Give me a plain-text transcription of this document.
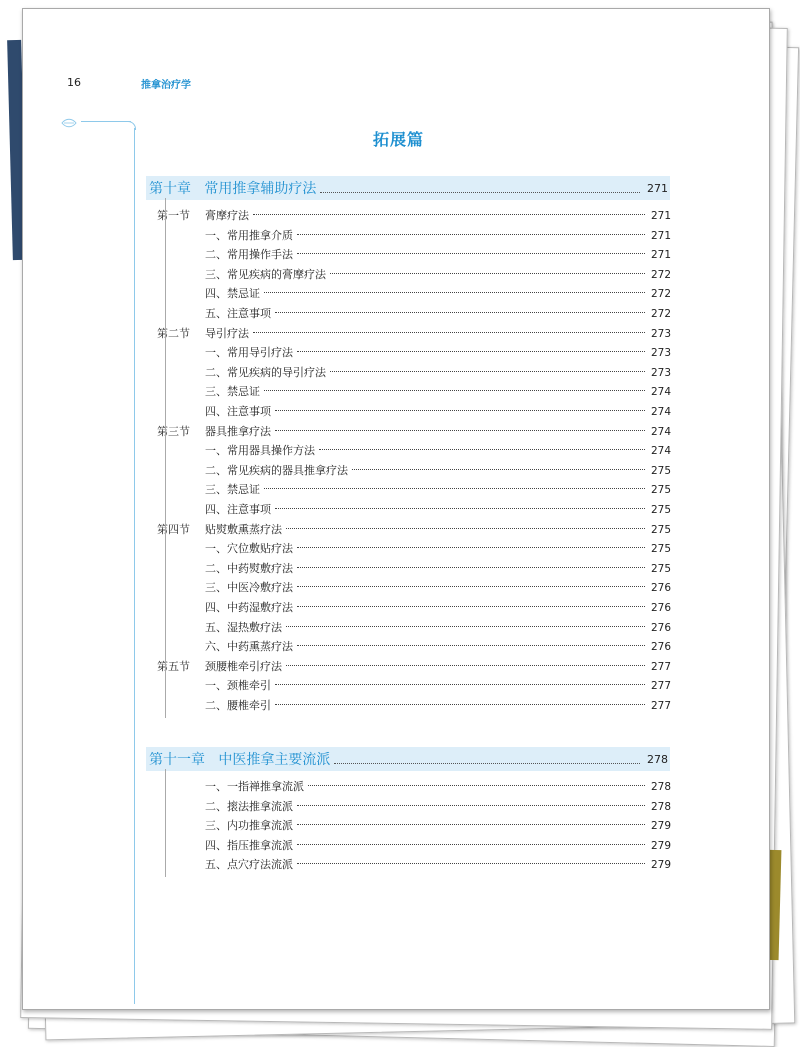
16	推拿治疗学
拓展篇
第十章 常用推拿辅助疗法	271
第一节	膏摩疗法	271
一、常用推拿介质	271
二、常用操作手法	271
三、常见疾病的膏摩疗法	272
四、禁忌证	272
五、注意事项	272
第二节	导引疗法	273
一、常用导引疗法	273
二、常见疾病的导引疗法	273
三、禁忌证	274
四、注意事项	274
第三节	器具推拿疗法	274
一、常用器具操作方法	274
二、常见疾病的器具推拿疗法	275
三、禁忌证	275
四、注意事项	275
第四节	贴熨敷熏蒸疗法	275
一、穴位敷贴疗法	275
二、中药熨敷疗法	275
三、中医冷敷疗法	276
四、中药湿敷疗法	276
五、湿热敷疗法	276
六、中药熏蒸疗法	276
第五节	颈腰椎牵引疗法	277
一、颈椎牵引	277
二、腰椎牵引	277
第十一章 中医推拿主要流派	278
一、一指禅推拿流派	278
二、㨰法推拿流派	278
三、内功推拿流派	279
四、指压推拿流派	279
五、点穴疗法流派	279
